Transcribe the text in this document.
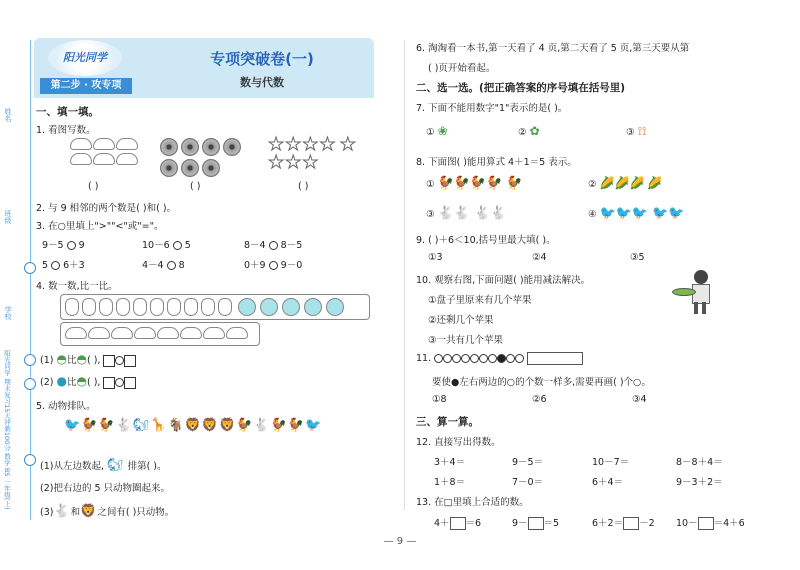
姓名
班级
学校
阳光同学 期末复习15天冲刺100分 数学 BS 一年级(上)
阳光同学
第二步 · 攻专项
专项突破卷(一)
数与代数
一、填一填。
1. 看图写数。

★★★★ ★★★★
( )	( )	( )
2. 与 9 相邻的两个数是( )和( )。
3. 在○里填上">""<"或"="。
9－5 9	10－6 5	8－4 8－5
5 6＋3	4－4 8	0＋9 9－0
4. 数一数,比一比。

(1) ◓比◓( ),
(2) ●比◓( ),
5. 动物排队。
🐦🐓🐓🐇🐿🦒🐐🦁🦁🦁🐓🐇🐓🐓🐦
(1)从左边数起, 🐿 排第( )。
(2)把右边的 5 只动物圈起来。
(3)🐇和🦁之间有( )只动物。
6. 淘淘看一本书,第一天看了 4 页,第二天看了 5 页,第三天要从第
( )页开始看起。
二、选一选。(把正确答案的序号填在括号里)
7. 下面不能用数字"1"表示的是( )。
① ❀	② ✿	③ ⟟⟟
8. 下面图( )能用算式 4＋1＝5 表示。
① 🐓🐓🐓🐓 🐓	② 🌽🌽🌽 🌽
③ 🐇🐇 🐇🐇	④ 🐦🐦🐦 🐦🐦
9. ( )＋6＜10,括号里最大填( )。
①3	②4	③5
10. 观察右图,下面问题( )能用减法解决。
①盘子里原来有几个苹果
②还剩几个苹果
③一共有几个苹果
11.
要使●左右两边的○的个数一样多,需要再画( )个○。
①8	②6	③4
三、算一算。
12. 直接写出得数。
3＋4＝	9－5＝	10－7＝	8－8＋4＝
1＋8＝	7－0＝	6＋4＝	9－3＋2＝
13. 在□里填上合适的数。
4＋ ＝6	9－ ＝5	6＋2＝ －2 10－ ＝4＋6
— 9 —
